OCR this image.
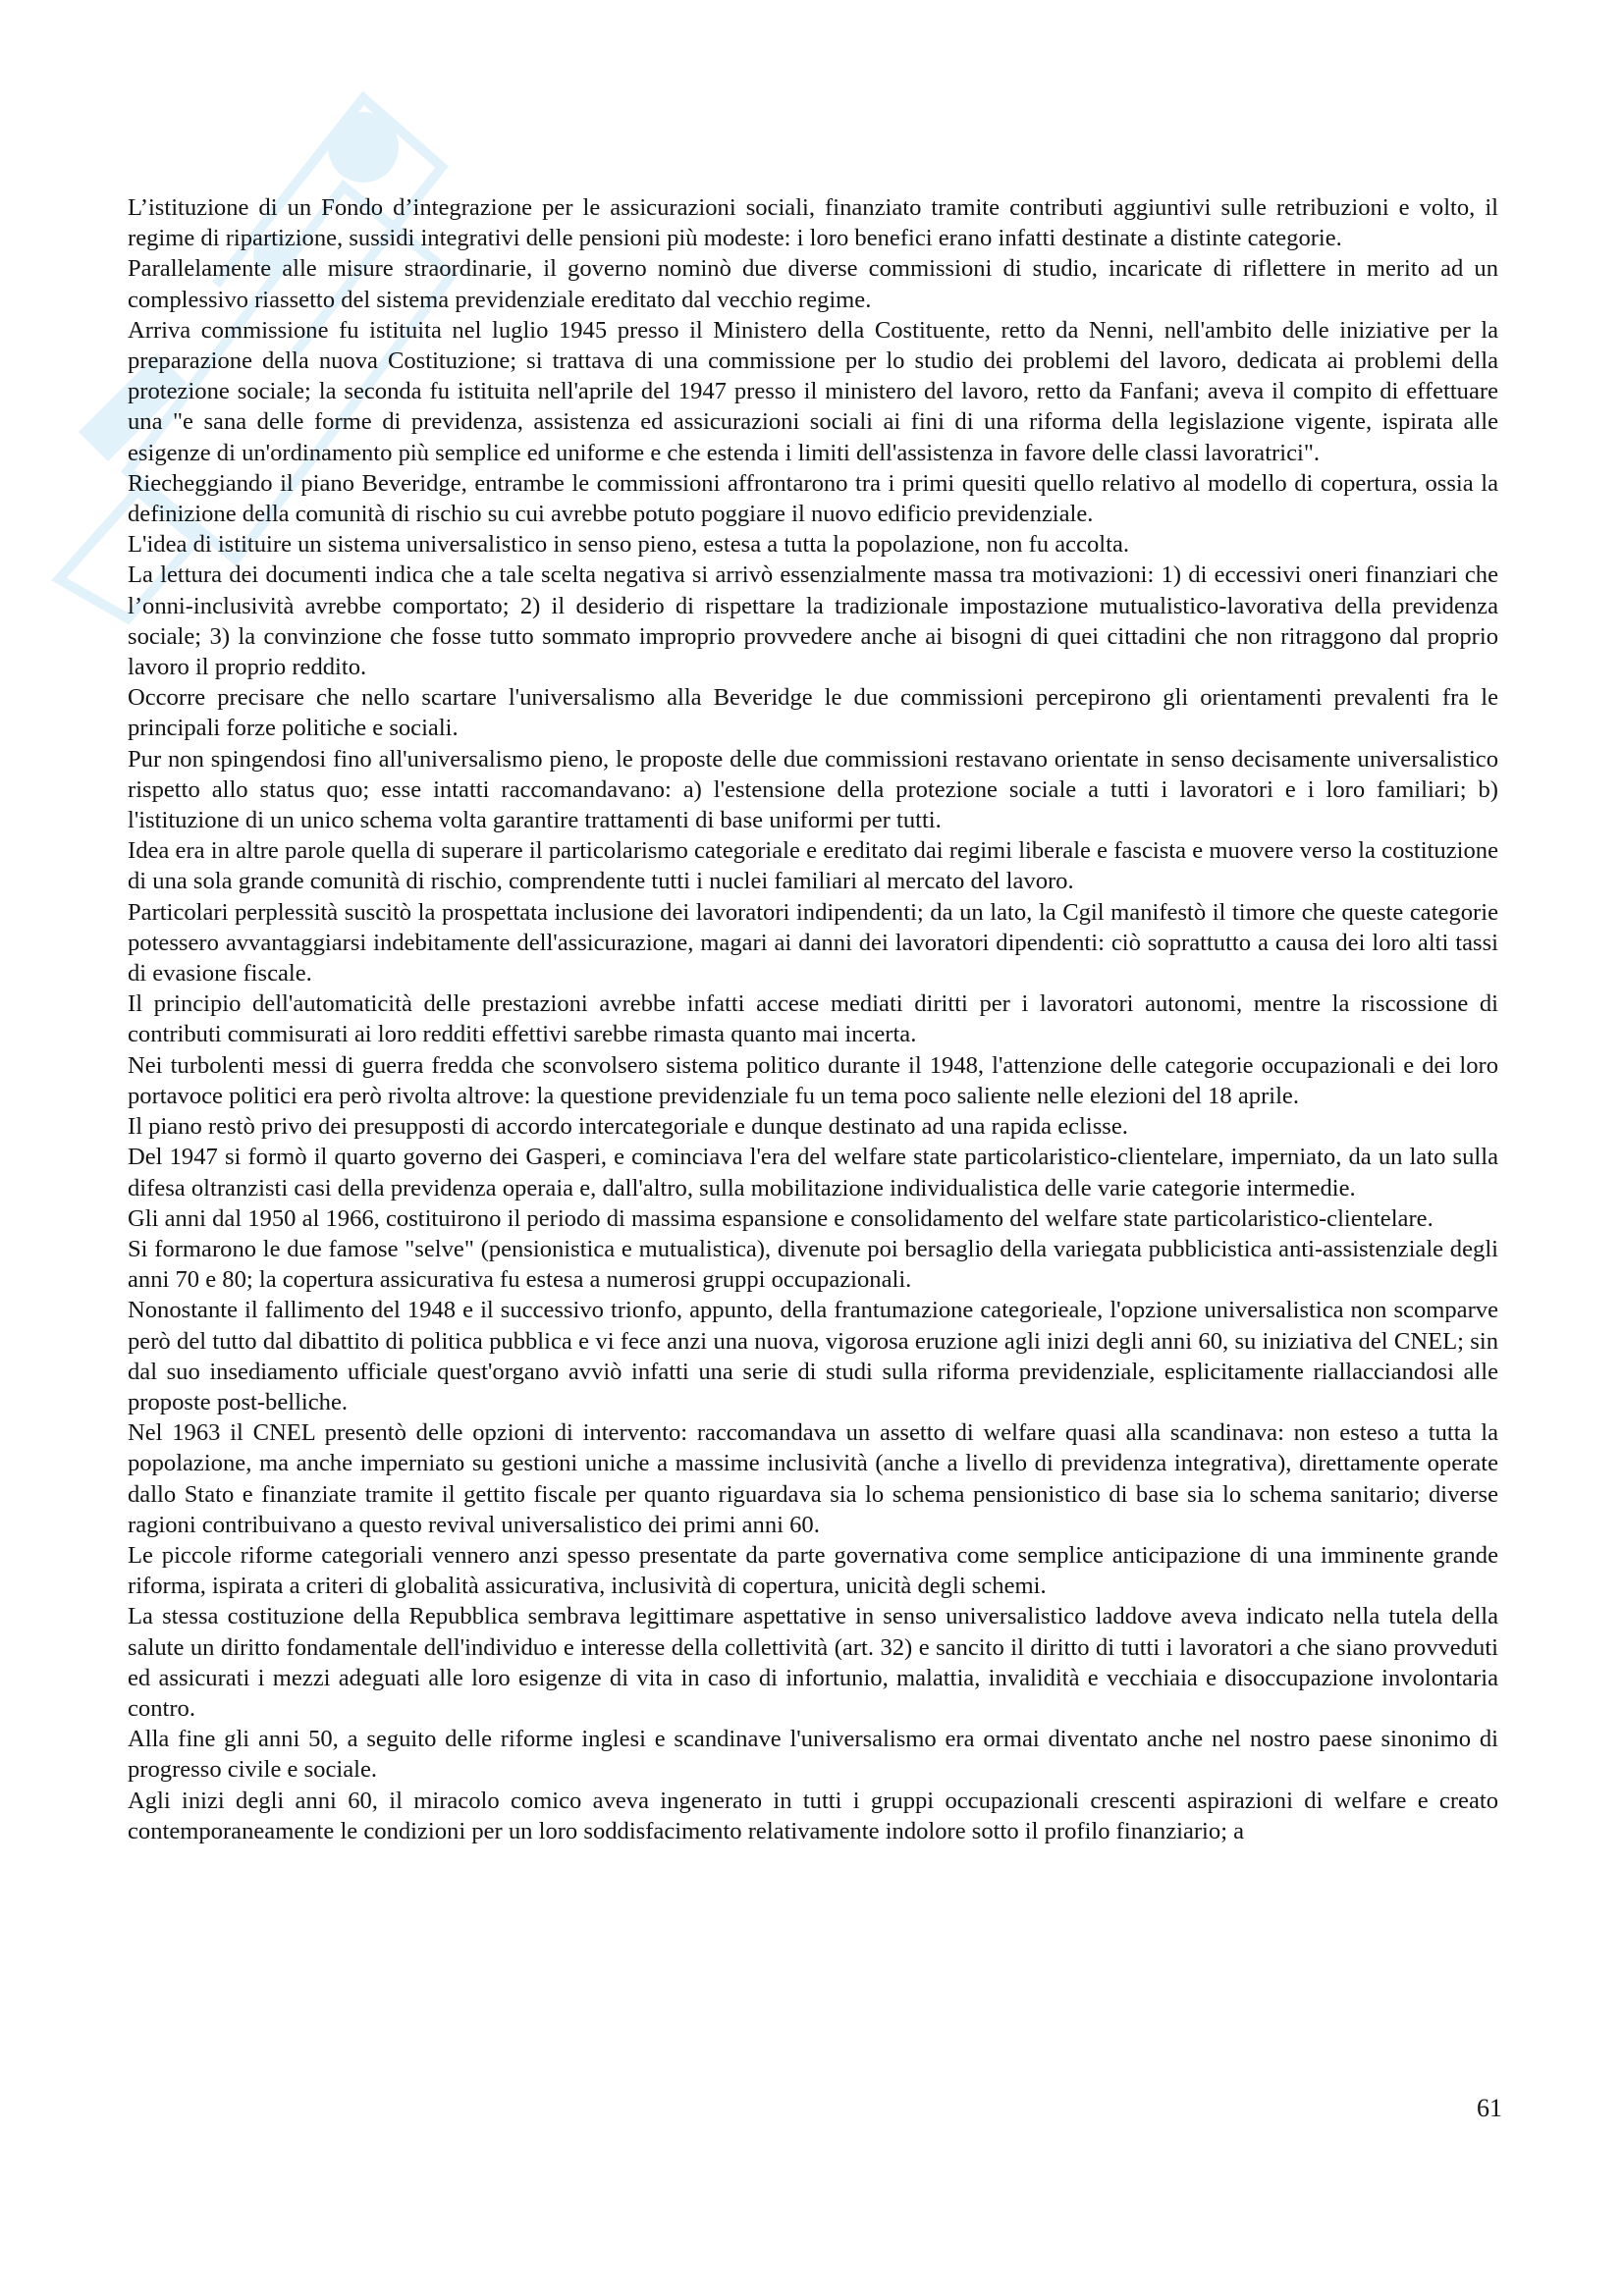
L’istituzione di un Fondo d’integrazione per le assicurazioni sociali, finanziato tramite contributi aggiuntivi sulle retribuzioni e volto, il regime di ripartizione, sussidi integrativi delle pensioni più modeste: i loro benefici erano infatti destinate a distinte categorie.

Parallelamente alle misure straordinarie, il governo nominò due diverse commissioni di studio, incaricate di riflettere in merito ad un complessivo riassetto del sistema previdenziale ereditato dal vecchio regime.

Arriva commissione fu istituita nel luglio 1945 presso il Ministero della Costituente, retto da Nenni, nell'ambito delle iniziative per la preparazione della nuova Costituzione; si trattava di una commissione per lo studio dei problemi del lavoro, dedicata ai problemi della protezione sociale; la seconda fu istituita nell'aprile del 1947 presso il ministero del lavoro, retto da Fanfani; aveva il compito di effettuare una "e sana delle forme di previdenza, assistenza ed assicurazioni sociali ai fini di una riforma della legislazione vigente, ispirata alle esigenze di un'ordinamento più semplice ed uniforme e che estenda i limiti dell'assistenza in favore delle classi lavoratrici".

Riecheggiando il piano Beveridge, entrambe le commissioni affrontarono tra i primi quesiti quello relativo al modello di copertura, ossia la definizione della comunità di rischio su cui avrebbe potuto poggiare il nuovo edificio previdenziale.

L'idea di istituire un sistema universalistico in senso pieno, estesa a tutta la popolazione, non fu accolta.

La lettura dei documenti indica che a tale scelta negativa si arrivò essenzialmente massa tra motivazioni: 1) di eccessivi oneri finanziari che l’onni-inclusività avrebbe comportato; 2) il desiderio di rispettare la tradizionale impostazione mutualistico-lavorativa della previdenza sociale; 3) la convinzione che fosse tutto sommato improprio provvedere anche ai bisogni di quei cittadini che non ritraggono dal proprio lavoro il proprio reddito.

Occorre precisare che nello scartare l'universalismo alla Beveridge le due commissioni percepirono gli orientamenti prevalenti fra le principali forze politiche e sociali.

Pur non spingendosi fino all'universalismo pieno, le proposte delle due commissioni restavano orientate in senso decisamente universalistico rispetto allo status quo; esse intatti raccomandavano: a) l'estensione della protezione sociale a tutti i lavoratori e i loro familiari; b) l'istituzione di un unico schema volta garantire trattamenti di base uniformi per tutti.

Idea era in altre parole quella di superare il particolarismo categoriale e ereditato dai regimi liberale e fascista e muovere verso la costituzione di una sola grande comunità di rischio, comprendente tutti i nuclei familiari al mercato del lavoro.

Particolari perplessità suscitò la prospettata inclusione dei lavoratori indipendenti; da un lato, la Cgil manifestò il timore che queste categorie potessero avvantaggiarsi indebitamente dell'assicurazione, magari ai danni dei lavoratori dipendenti: ciò soprattutto a causa dei loro alti tassi di evasione fiscale.

Il principio dell'automaticità delle prestazioni avrebbe infatti accese mediati diritti per i lavoratori autonomi, mentre la riscossione di contributi commisurati ai loro redditi effettivi sarebbe rimasta quanto mai incerta.

Nei turbolenti messi di guerra fredda che sconvolsero sistema politico durante il 1948, l'attenzione delle categorie occupazionali e dei loro portavoce politici era però rivolta altrove: la questione previdenziale fu un tema poco saliente nelle elezioni del 18 aprile.

Il piano restò privo dei presupposti di accordo intercategoriale e dunque destinato ad una rapida eclisse.

Del 1947 si formò il quarto governo dei Gasperi, e cominciava l'era del welfare state particolaristico-clientelare, imperniato, da un lato sulla difesa oltranzisti casi della previdenza operaia e, dall'altro, sulla mobilitazione individualistica delle varie categorie intermedie.

Gli anni dal 1950 al 1966, costituirono il periodo di massima espansione e consolidamento del welfare state particolaristico-clientelare.

Si formarono le due famose "selve" (pensionistica e mutualistica), divenute poi bersaglio della variegata pubblicistica anti-assistenziale degli anni 70 e 80; la copertura assicurativa fu estesa a numerosi gruppi occupazionali.

Nonostante il fallimento del 1948 e il successivo trionfo, appunto, della frantumazione categorieale, l'opzione universalistica non scomparve però del tutto dal dibattito di politica pubblica e vi fece anzi una nuova, vigorosa eruzione agli inizi degli anni 60, su iniziativa del CNEL; sin dal suo insediamento ufficiale quest'organo avviò infatti una serie di studi sulla riforma previdenziale, esplicitamente riallacciandosi alle proposte post-belliche.

Nel 1963 il CNEL presentò delle opzioni di intervento: raccomandava un assetto di welfare quasi alla scandinava: non esteso a tutta la popolazione, ma anche imperniato su gestioni uniche a massime inclusività (anche a livello di previdenza integrativa), direttamente operate dallo Stato e finanziate tramite il gettito fiscale per quanto riguardava sia lo schema pensionistico di base sia lo schema sanitario; diverse ragioni contribuivano a questo revival universalistico dei primi anni 60.

Le piccole riforme categoriali vennero anzi spesso presentate da parte governativa come semplice anticipazione di una imminente grande riforma, ispirata a criteri di globalità assicurativa, inclusività di copertura, unicità degli schemi.

La stessa costituzione della Repubblica sembrava legittimare aspettative in senso universalistico laddove aveva indicato nella tutela della salute un diritto fondamentale dell'individuo e interesse della collettività (art. 32) e sancito il diritto di tutti i lavoratori a che siano provveduti ed assicurati i mezzi adeguati alle loro esigenze di vita in caso di infortunio, malattia, invalidità e vecchiaia e disoccupazione involontaria contro.

Alla fine gli anni 50, a seguito delle riforme inglesi e scandinave l'universalismo era ormai diventato anche nel nostro paese sinonimo di progresso civile e sociale.

Agli inizi degli anni 60, il miracolo comico aveva ingenerato in tutti i gruppi occupazionali crescenti aspirazioni di welfare e creato contemporaneamente le condizioni per un loro soddisfacimento relativamente indolore sotto il profilo finanziario; a

61
